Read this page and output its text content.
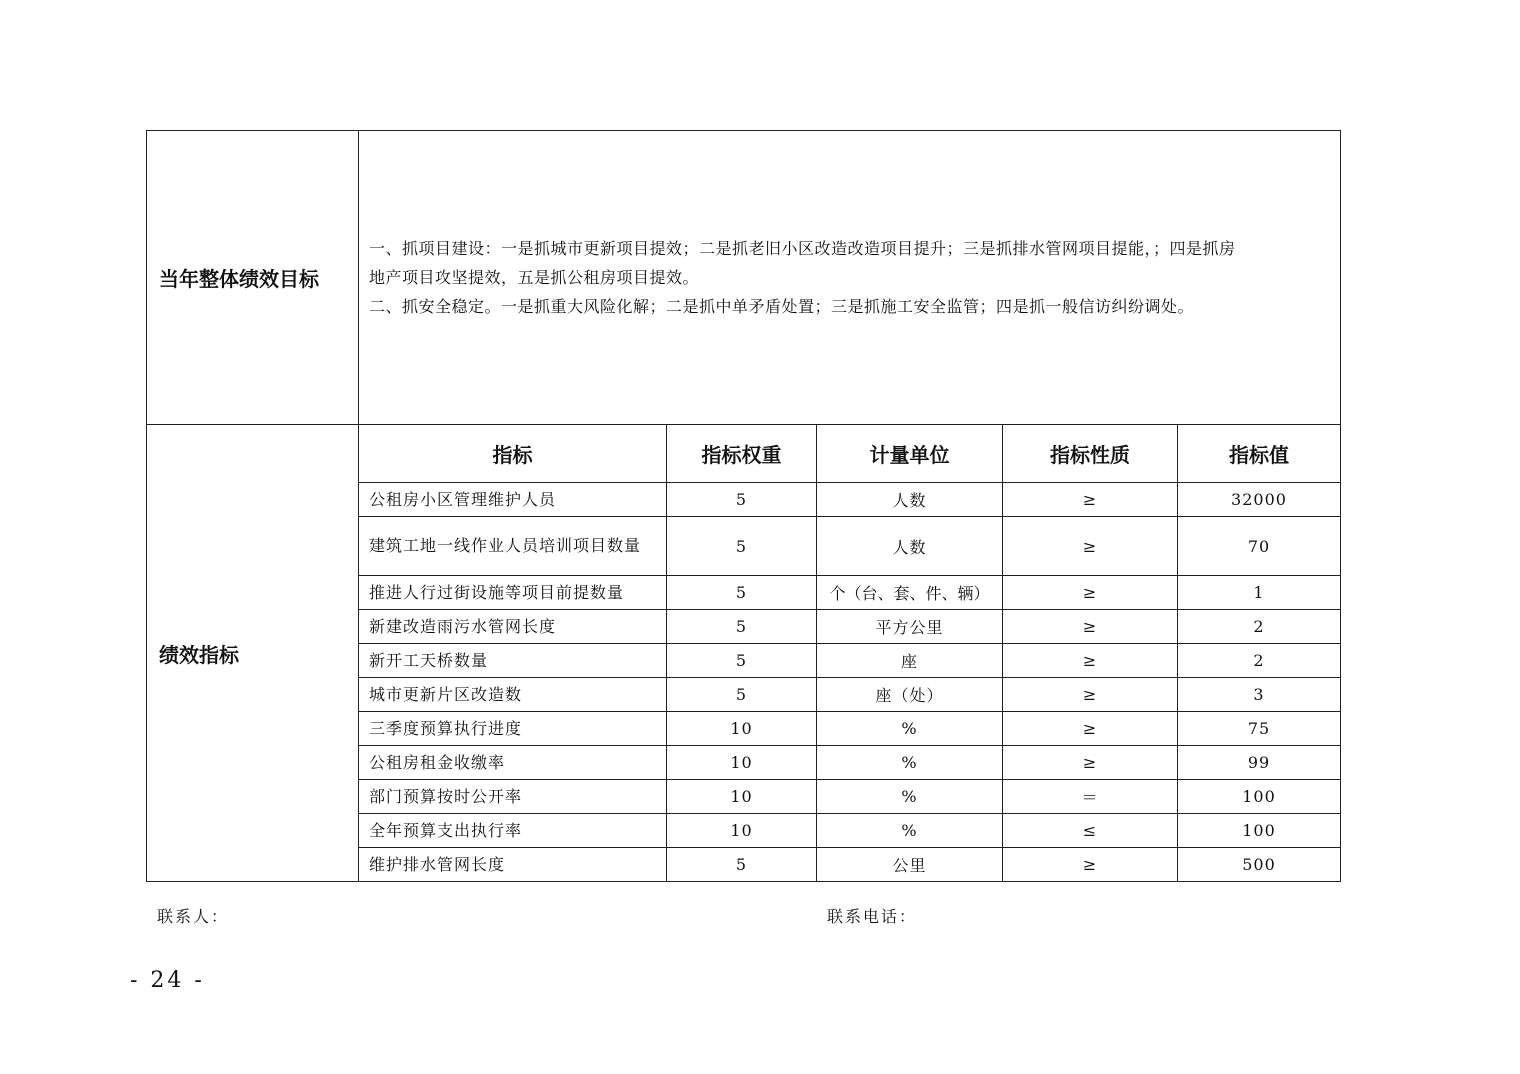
当年整体绩效目标	一、抓项目建设：一是抓城市更新项目提效；二是抓老旧小区改造改造项目提升；三是抓排水管网项目提能，；四是抓房
地产项目攻坚提效，五是抓公租房项目提效。
二、抓安全稳定。一是抓重大风险化解；二是抓中单矛盾处置；三是抓施工安全监管；四是抓一般信访纠纷调处。				

绩效指标	指标	指标权重	计量单位	指标性质	指标值
	公租房小区管理维护人员	5	人数	≥	32000
	建筑工地一线作业人员培训项目数量	5	人数	≥	70
	推进人行过街设施等项目前提数量	5	个（台、套、件、辆）	≥	1
	新建改造雨污水管网长度	5	平方公里	≥	2
	新开工天桥数量	5	座	≥	2
	城市更新片区改造数	5	座（处）	≥	3
	三季度预算执行进度	10	%	≥	75
	公租房租金收缴率	10	%	≥	99
	部门预算按时公开率	10	%	＝	100
	全年预算支出执行率	10	%	≤	100
	维护排水管网长度	5	公里	≥	500
联系人：	联系电话：
- 24 -
